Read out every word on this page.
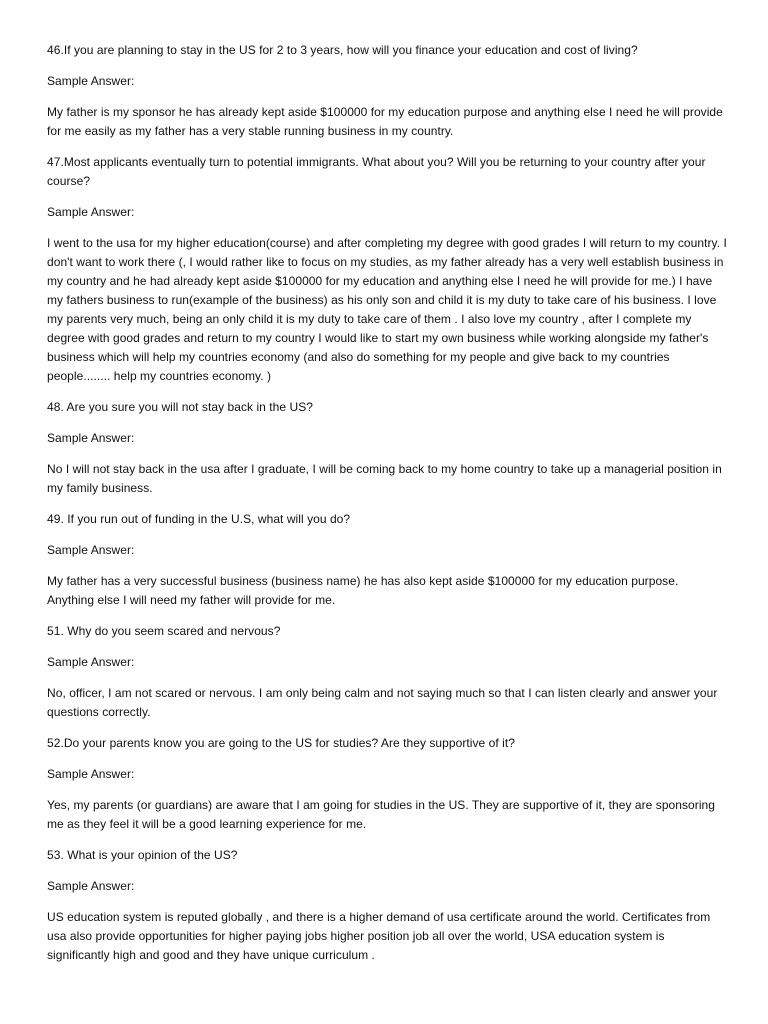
46.If you are planning to stay in the US for 2 to 3 years, how will you finance your education and cost of living?

Sample Answer:

My father is my sponsor he has already kept aside $100000 for my education purpose and anything else I need he will provide for me easily as my father has a very stable running business in my country.

47.Most applicants eventually turn to potential immigrants. What about you? Will you be returning to your country after your course?

Sample Answer:

I went to the usa for my higher education(course) and after completing my degree with good grades I will return to my country. I don't want to work there (, I would rather like to focus on my studies, as my father already has a very well establish business in my country and he had already kept aside $100000 for my education and anything else I need he will provide for me.) I have my fathers business to run(example of the business) as his only son and child it is my duty to take care of his business. I love my parents very much, being an only child it is my duty to take care of them . I also love my country , after I complete my degree with good grades and return to my country I would like to start my own business while working alongside my father's business which will help my countries economy (and also do something for my people and give back to my countries people........ help my countries economy. )

48. Are you sure you will not stay back in the US?

Sample Answer:

No I will not stay back in the usa after I graduate, I will be coming back to my home country to take up a managerial position in my family business.

49. If you run out of funding in the U.S, what will you do?

Sample Answer:

My father has a very successful business (business name) he has also kept aside $100000 for my education purpose. Anything else I will need my father will provide for me.

51. Why do you seem scared and nervous?

Sample Answer:

No, officer, I am not scared or nervous. I am only being calm and not saying much so that I can listen clearly and answer your questions correctly.

52.Do your parents know you are going to the US for studies? Are they supportive of it?

Sample Answer:

Yes, my parents (or guardians) are aware that I am going for studies in the US. They are supportive of it, they are sponsoring me as they feel it will be a good learning experience for me.

53. What is your opinion of the US?

Sample Answer:

US education system is reputed globally , and there is a higher demand of usa certificate around the world. Certificates from usa also provide opportunities for higher paying jobs higher position job all over the world, USA education system is significantly high and good and they have unique curriculum .
